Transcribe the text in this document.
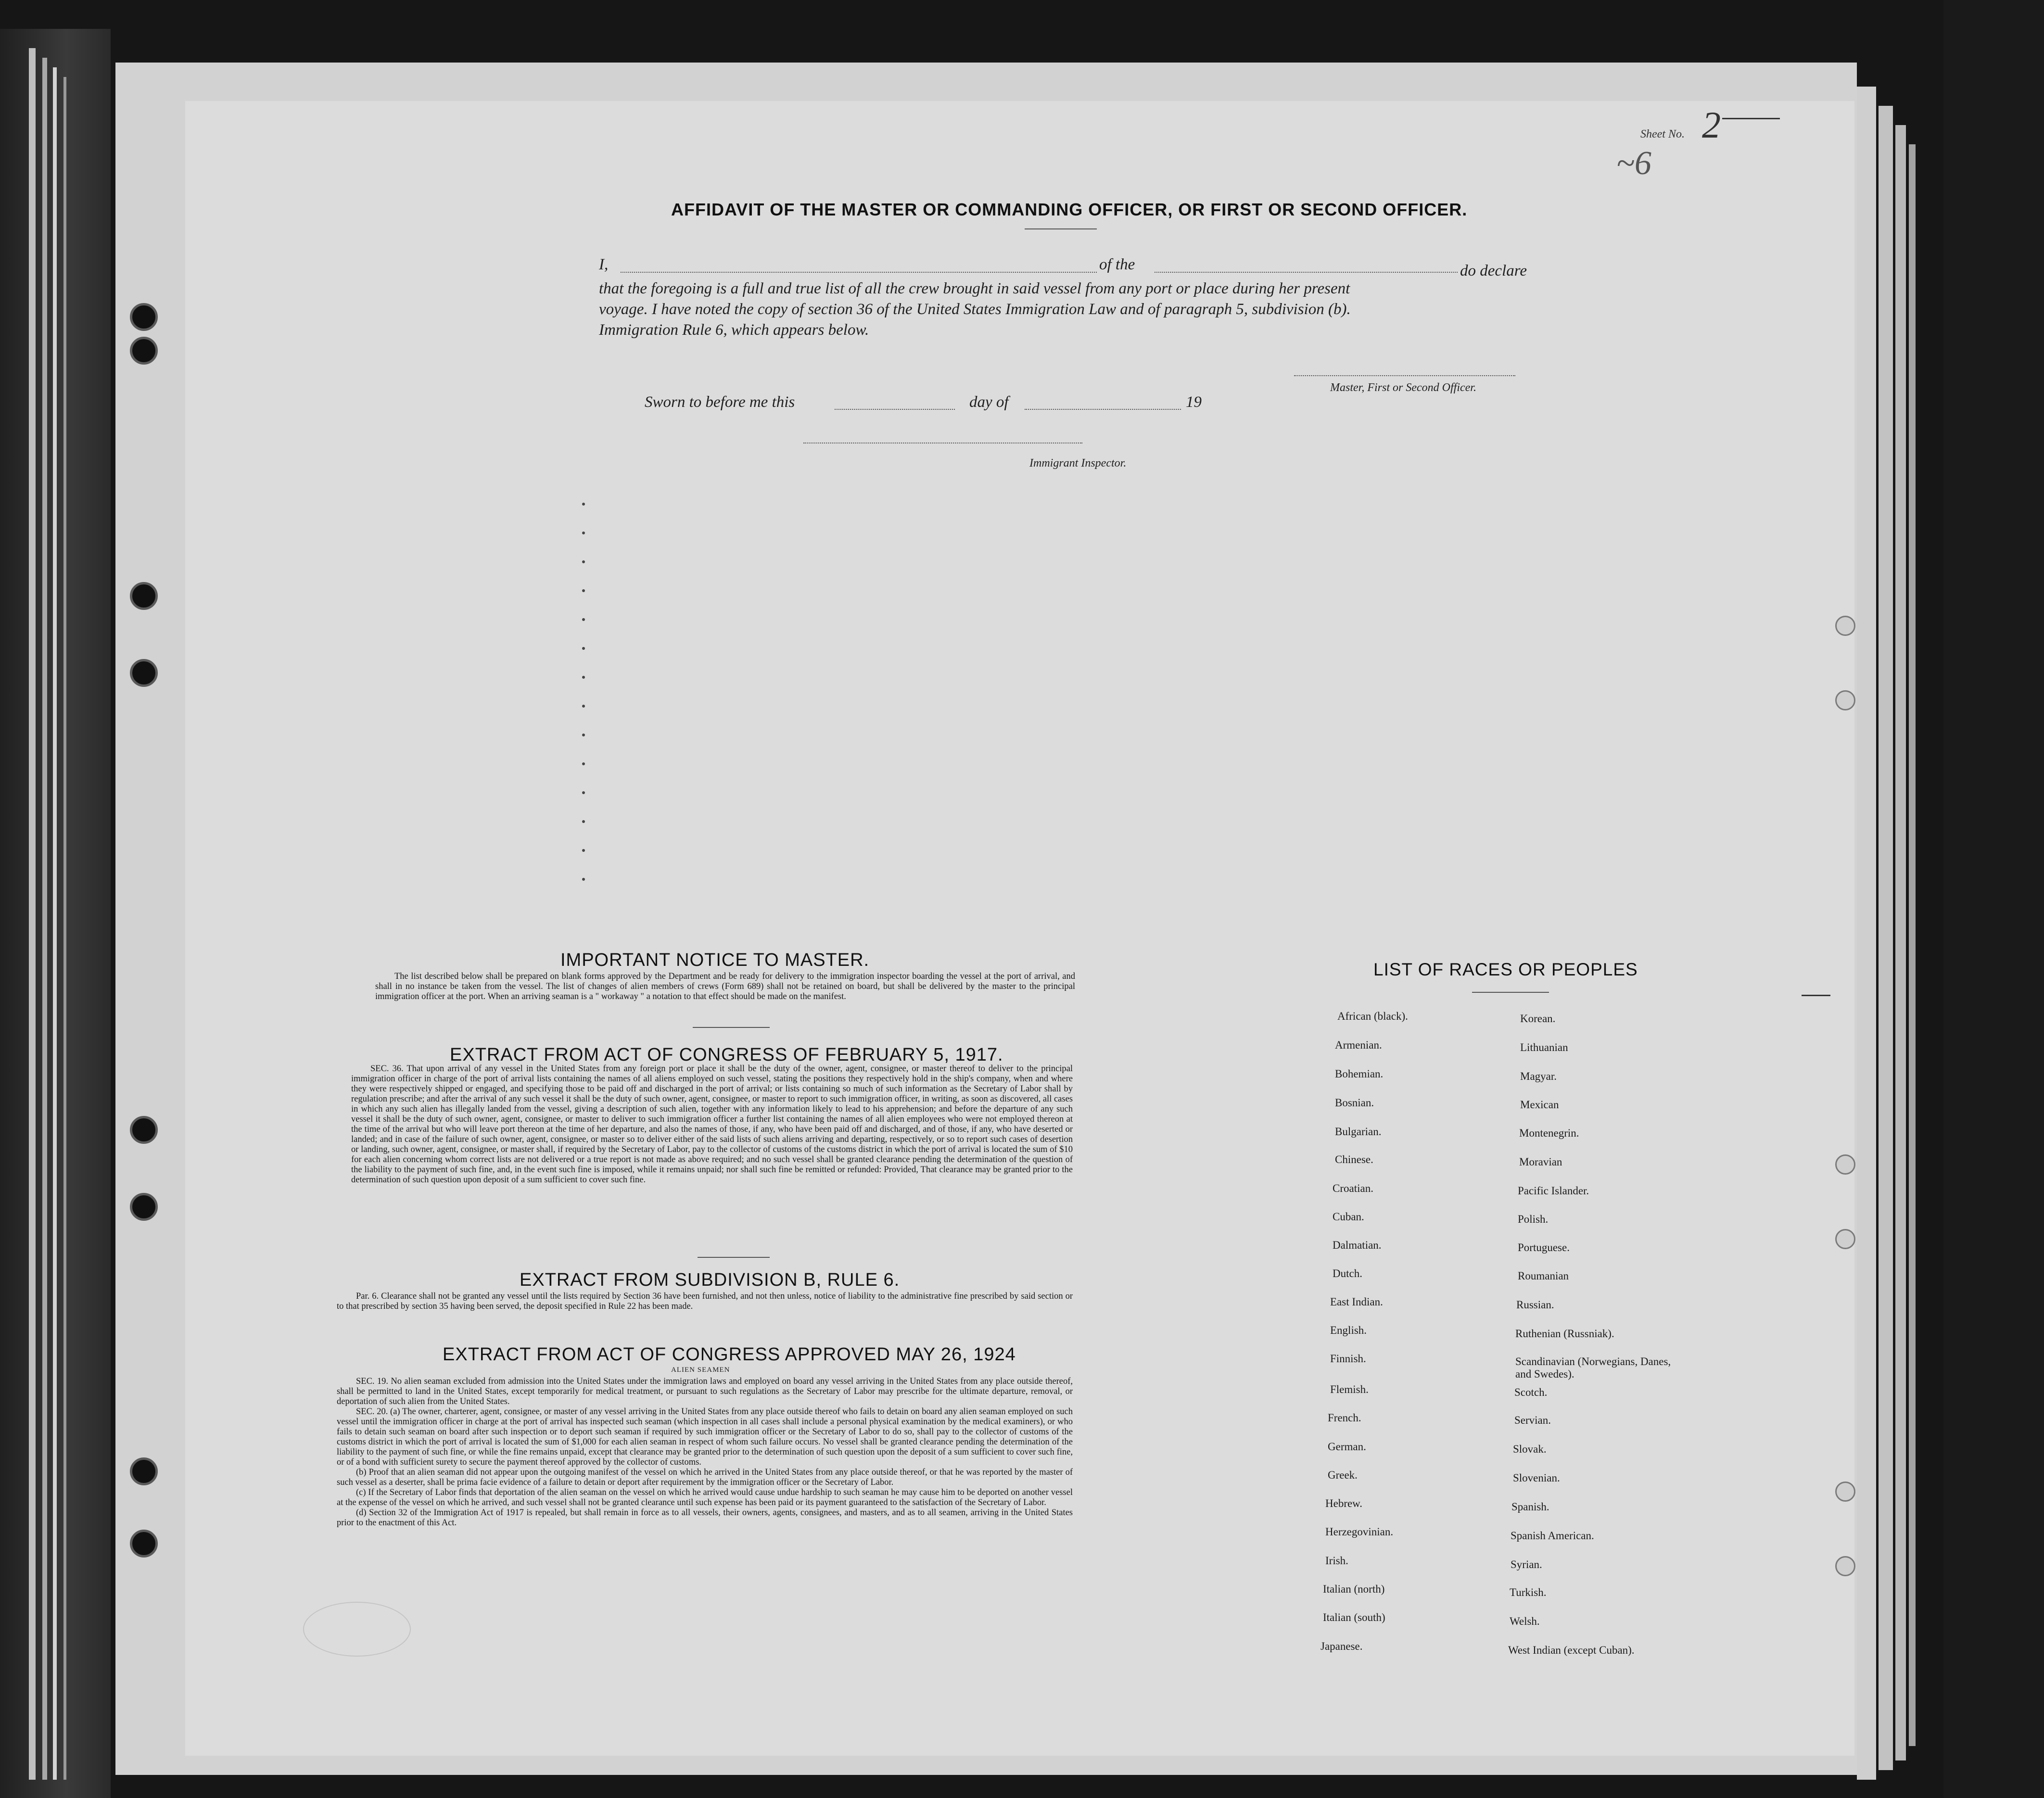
Sheet No. 2
~6
AFFIDAVIT OF THE MASTER OR COMMANDING OFFICER, OR FIRST OR SECOND OFFICER.
I,	of the	do declare
that the foregoing is a full and true list of all the crew brought in said vessel from any port or place during her present
voyage. I have noted the copy of section 36 of the United States Immigration Law and of paragraph 5, subdivision (b).
Immigration Rule 6, which appears below.
Master, First or Second Officer.
Sworn to before me this	day of	19
Immigrant Inspector.
IMPORTANT NOTICE TO MASTER.

The list described below shall be prepared on blank forms approved by the Department and be ready for delivery to the immigration inspector boarding the vessel at the port of arrival, and shall in no instance be taken from the vessel. The list of changes of alien members of crews (Form 689) shall not be retained on board, but shall be delivered by the master to the principal immigration officer at the port. When an arriving seaman is a " workaway " a notation to that effect should be made on the manifest.

EXTRACT FROM ACT OF CONGRESS OF FEBRUARY 5, 1917.

SEC. 36. That upon arrival of any vessel in the United States from any foreign port or place it shall be the duty of the owner, agent, consignee, or master thereof to deliver to the principal immigration officer in charge of the port of arrival lists containing the names of all aliens employed on such vessel, stating the positions they respectively hold in the ship's company, when and where they were respectively shipped or engaged, and specifying those to be paid off and discharged in the port of arrival; or lists containing so much of such information as the Secretary of Labor shall by regulation prescribe; and after the arrival of any such vessel it shall be the duty of such owner, agent, consignee, or master to report to such immigration officer, in writing, as soon as discovered, all cases in which any such alien has illegally landed from the vessel, giving a description of such alien, together with any information likely to lead to his apprehension; and before the departure of any such vessel it shall be the duty of such owner, agent, consignee, or master to deliver to such immigration officer a further list containing the names of all alien employees who were not employed thereon at the time of the arrival but who will leave port thereon at the time of her departure, and also the names of those, if any, who have been paid off and discharged, and of those, if any, who have deserted or landed; and in case of the failure of such owner, agent, consignee, or master so to deliver either of the said lists of such aliens arriving and departing, respectively, or so to report such cases of desertion or landing, such owner, agent, consignee, or master shall, if required by the Secretary of Labor, pay to the collector of customs of the customs district in which the port of arrival is located the sum of $10 for each alien concerning whom correct lists are not delivered or a true report is not made as above required; and no such vessel shall be granted clearance pending the determination of the question of the liability to the payment of such fine, and, in the event such fine is imposed, while it remains unpaid; nor shall such fine be remitted or refunded: Provided, That clearance may be granted prior to the determination of such question upon deposit of a sum sufficient to cover such fine.

EXTRACT FROM SUBDIVISION B, RULE 6.

Par. 6. Clearance shall not be granted any vessel until the lists required by Section 36 have been furnished, and not then unless, notice of liability to the administrative fine prescribed by said section or to that prescribed by section 35 having been served, the deposit specified in Rule 22 has been made.

EXTRACT FROM ACT OF CONGRESS APPROVED MAY 26, 1924
ALIEN SEAMEN

SEC. 19. No alien seaman excluded from admission into the United States under the immigration laws and employed on board any vessel arriving in the United States from any place outside thereof, shall be permitted to land in the United States, except temporarily for medical treatment, or pursuant to such regulations as the Secretary of Labor may prescribe for the ultimate departure, removal, or deportation of such alien from the United States.

SEC. 20. (a) The owner, charterer, agent, consignee, or master of any vessel arriving in the United States from any place outside thereof who fails to detain on board any alien seaman employed on such vessel until the immigration officer in charge at the port of arrival has inspected such seaman (which inspection in all cases shall include a personal physical examination by the medical examiners), or who fails to detain such seaman on board after such inspection or to deport such seaman if required by such immigration officer or the Secretary of Labor to do so, shall pay to the collector of customs of the customs district in which the port of arrival is located the sum of $1,000 for each alien seaman in respect of whom such failure occurs. No vessel shall be granted clearance pending the determination of the liability to the payment of such fine, or while the fine remains unpaid, except that clearance may be granted prior to the determination of such question upon the deposit of a sum sufficient to cover such fine, or of a bond with sufficient surety to secure the payment thereof approved by the collector of customs.

(b) Proof that an alien seaman did not appear upon the outgoing manifest of the vessel on which he arrived in the United States from any place outside thereof, or that he was reported by the master of such vessel as a deserter, shall be prima facie evidence of a failure to detain or deport after requirement by the immigration officer or the Secretary of Labor.

(c) If the Secretary of Labor finds that deportation of the alien seaman on the vessel on which he arrived would cause undue hardship to such seaman he may cause him to be deported on another vessel at the expense of the vessel on which he arrived, and such vessel shall not be granted clearance until such expense has been paid or its payment guaranteed to the satisfaction of the Secretary of Labor.

(d) Section 32 of the Immigration Act of 1917 is repealed, but shall remain in force as to all vessels, their owners, agents, consignees, and masters, and as to all seamen, arriving in the United States prior to the enactment of this Act.

LIST OF RACES OR PEOPLES
African (black).
Armenian.
Bohemian.
Bosnian.
Bulgarian.
Chinese.
Croatian.
Cuban.
Dalmatian.
Dutch.
East Indian.
English.
Finnish.
Flemish.
French.
German.
Greek.
Hebrew.
Herzegovinian.
Irish.
Italian (north)
Italian (south)
Japanese.
Korean.
Lithuanian
Magyar.
Mexican
Montenegrin.
Moravian
Pacific Islander.
Polish.
Portuguese.
Roumanian
Russian.
Ruthenian (Russniak).
Scandinavian (Norwegians, Danes, and Swedes).
Scotch.
Servian.
Slovak.
Slovenian.
Spanish.
Spanish American.
Syrian.
Turkish.
Welsh.
West Indian (except Cuban).
